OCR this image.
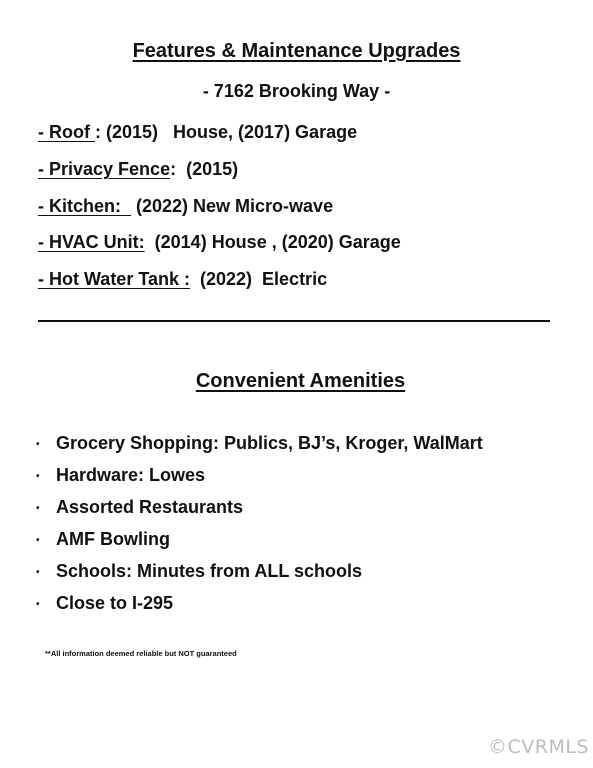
Features & Maintenance Upgrades
- 7162 Brooking Way -
- Roof : (2015)   House, (2017) Garage
- Privacy Fence:  (2015)
- Kitchen:   (2022) New Micro-wave
- HVAC Unit:  (2014) House , (2020) Garage
- Hot Water Tank :  (2022)  Electric
Convenient Amenities
• Grocery Shopping: Publics, BJ’s, Kroger, WalMart
• Hardware: Lowes
• Assorted Restaurants
• AMF Bowling
• Schools: Minutes from ALL schools
• Close to I-295
**All information deemed reliable but NOT guaranteed
©CVRMLS
